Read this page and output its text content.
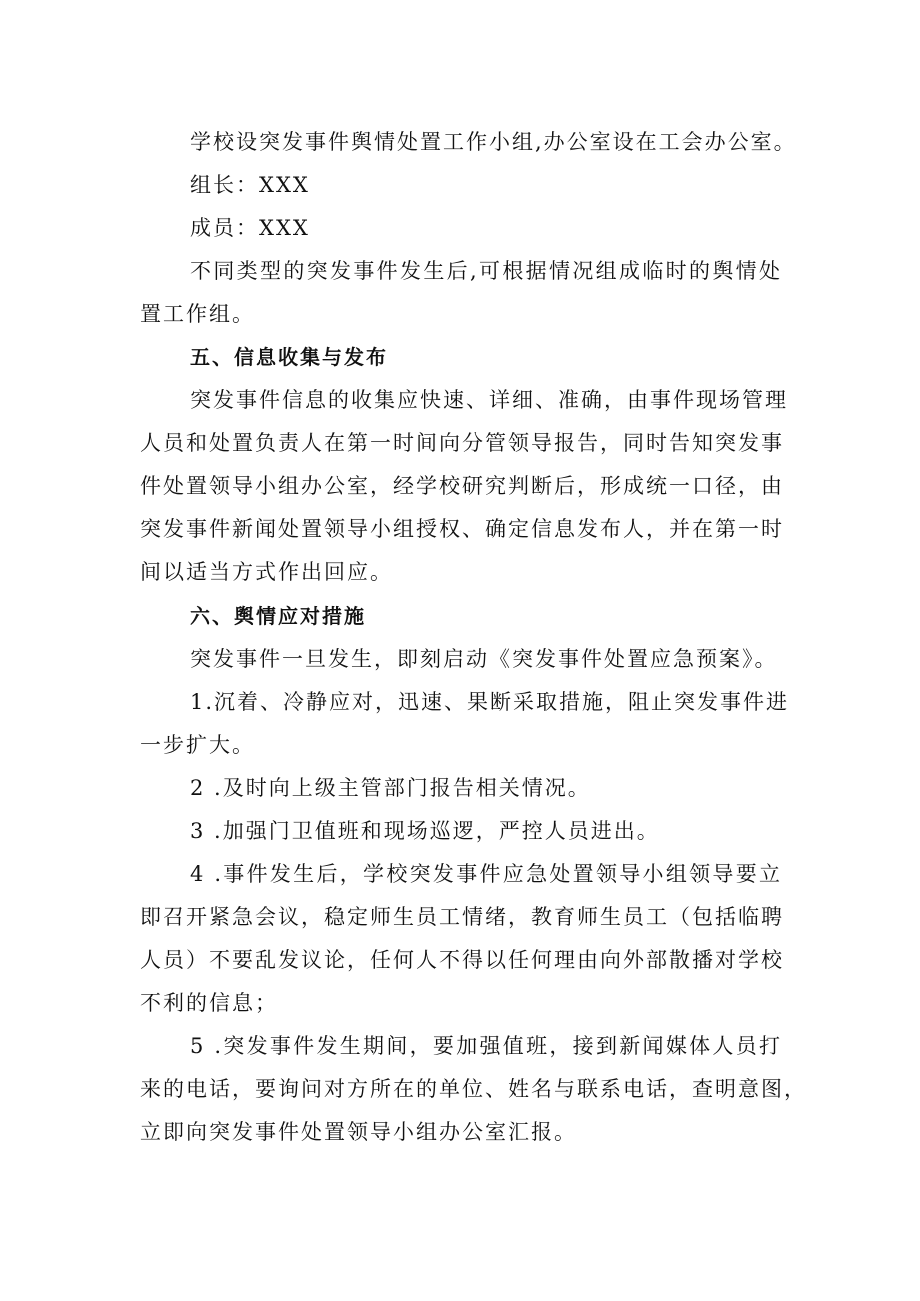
学校设突发事件舆情处置工作小组,办公室设在工会办公室。
组长：XXX
成员：XXX
不同类型的突发事件发生后,可根据情况组成临时的舆情处
置工作组。
五、信息收集与发布
突发事件信息的收集应快速、详细、准确，由事件现场管理
人员和处置负责人在第一时间向分管领导报告，同时告知突发事
件处置领导小组办公室，经学校研究判断后，形成统一口径，由
突发事件新闻处置领导小组授权、确定信息发布人，并在第一时
间以适当方式作出回应。
六、舆情应对措施
突发事件一旦发生，即刻启动《突发事件处置应急预案》。
1.沉着、冷静应对，迅速、果断采取措施，阻止突发事件进
一步扩大。
2 .及时向上级主管部门报告相关情况。
3 .加强门卫值班和现场巡逻，严控人员进出。
4 .事件发生后，学校突发事件应急处置领导小组领导要立
即召开紧急会议，稳定师生员工情绪，教育师生员工（包括临聘
人员）不要乱发议论，任何人不得以任何理由向外部散播对学校
不利的信息；
5 .突发事件发生期间，要加强值班，接到新闻媒体人员打
来的电话，要询问对方所在的单位、姓名与联系电话，查明意图，
立即向突发事件处置领导小组办公室汇报。
